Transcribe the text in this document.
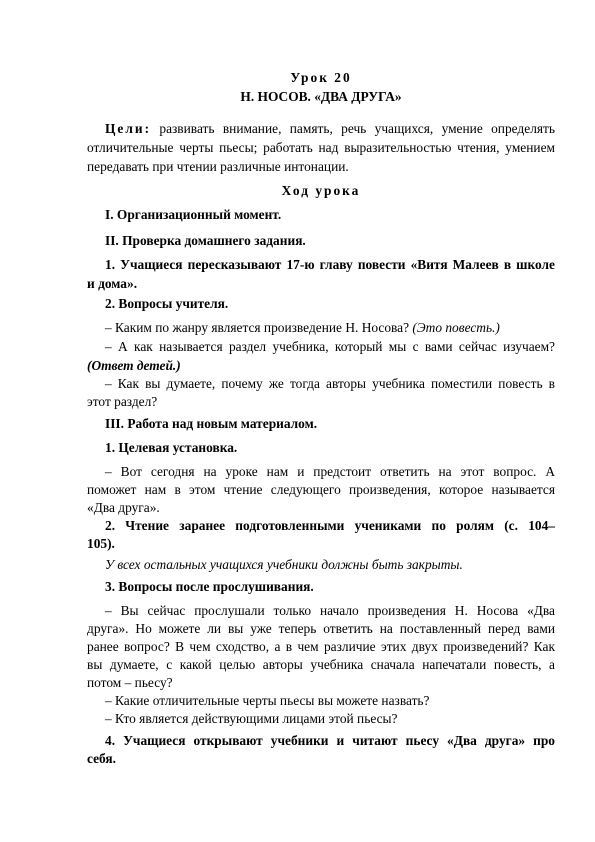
Урок 20
Н. НОСОВ. «ДВА ДРУГА»
Цели: развивать внимание, память, речь учащихся, умение определять
отличительные черты пьесы; работать над выразительностью чтения, умением
передавать при чтении различные интонации.
Ход урока
I. Организационный момент.
II. Проверка домашнего задания.
1. Учащиеся пересказывают 17-ю главу повести «Витя Малеев в школе
и дома».
2. Вопросы учителя.
– Каким по жанру является произведение Н. Носова? (Это повесть.)
– А как называется раздел учебника, который мы с вами сейчас изучаем?
(Ответ детей.)
– Как вы думаете, почему же тогда авторы учебника поместили повесть в
этот раздел?
III. Работа над новым материалом.
1. Целевая установка.
– Вот сегодня на уроке нам и предстоит ответить на этот вопрос. А
поможет нам в этом чтение следующего произведения, которое называется
«Два друга».
2. Чтение заранее подготовленными учениками по ролям (с. 104–
105).
У всех остальных учащихся учебники должны быть закрыты.
3. Вопросы после прослушивания.
– Вы сейчас прослушали только начало произведения Н. Носова «Два
друга». Но можете ли вы уже теперь ответить на поставленный перед вами
ранее вопрос? В чем сходство, а в чем различие этих двух произведений? Как
вы думаете, с какой целью авторы учебника сначала напечатали повесть, а
потом – пьесу?
– Какие отличительные черты пьесы вы можете назвать?
– Кто является действующими лицами этой пьесы?
4. Учащиеся открывают учебники и читают пьесу «Два друга» про
себя.
